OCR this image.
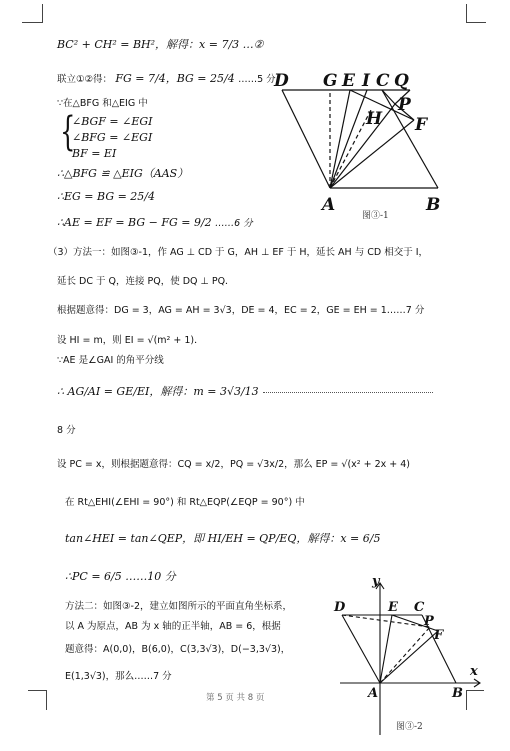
BC² + CH² = BH²，解得：x = 7/3 …②
联立①②得： FG = 7/4，BG = 25/4 ……5 分
∵在△BFG 和△EIG 中
{
∠BGF = ∠EGI
∠BFG = ∠EGI
BF = EI
∴△BFG ≌ △EIG（AAS）
∴EG = BG = 25/4
∴AE = EF = BG − FG = 9/2 ……6 分
（3）方法一：如图③-1，作 AG ⊥ CD 于 G，AH ⊥ EF 于 H，延长 AH 与 CD 相交于 I，
延长 DC 于 Q，连接 PQ，使 DQ ⊥ PQ．
根据题意得：DG = 3，AG = AH = 3√3，DE = 4，EC = 2，GE = EH = 1……7 分
设 HI = m，则 EI = √(m² + 1)．
∵AE 是∠GAI 的角平分线
∴ AG/AI = GE/EI，解得：m = 3√3/13
8 分
设 PC = x，则根据题意得：CQ = x/2，PQ = √3x/2，那么 EP = √(x² + 2x + 4)
在 Rt△EHI(∠EHI = 90°) 和 Rt△EQP(∠EQP = 90°) 中
tan∠HEI = tan∠QEP，即 HI/EH = QP/EQ，解得：x = 6/5
∴PC = 6/5 ……10 分
方法二：如图③-2，建立如图所示的平面直角坐标系，
以 A 为原点，AB 为 x 轴的正半轴，AB = 6，根据
题意得：A(0,0)，B(6,0)，C(3,3√3)，D(−3,3√3)，
E(1,3√3)，那么……7 分
第 5 页 共 8 页
D G E I C Q
H
P
F
A	B
图③-1
y
x
D	E C
P
F
A	B
图③-2
